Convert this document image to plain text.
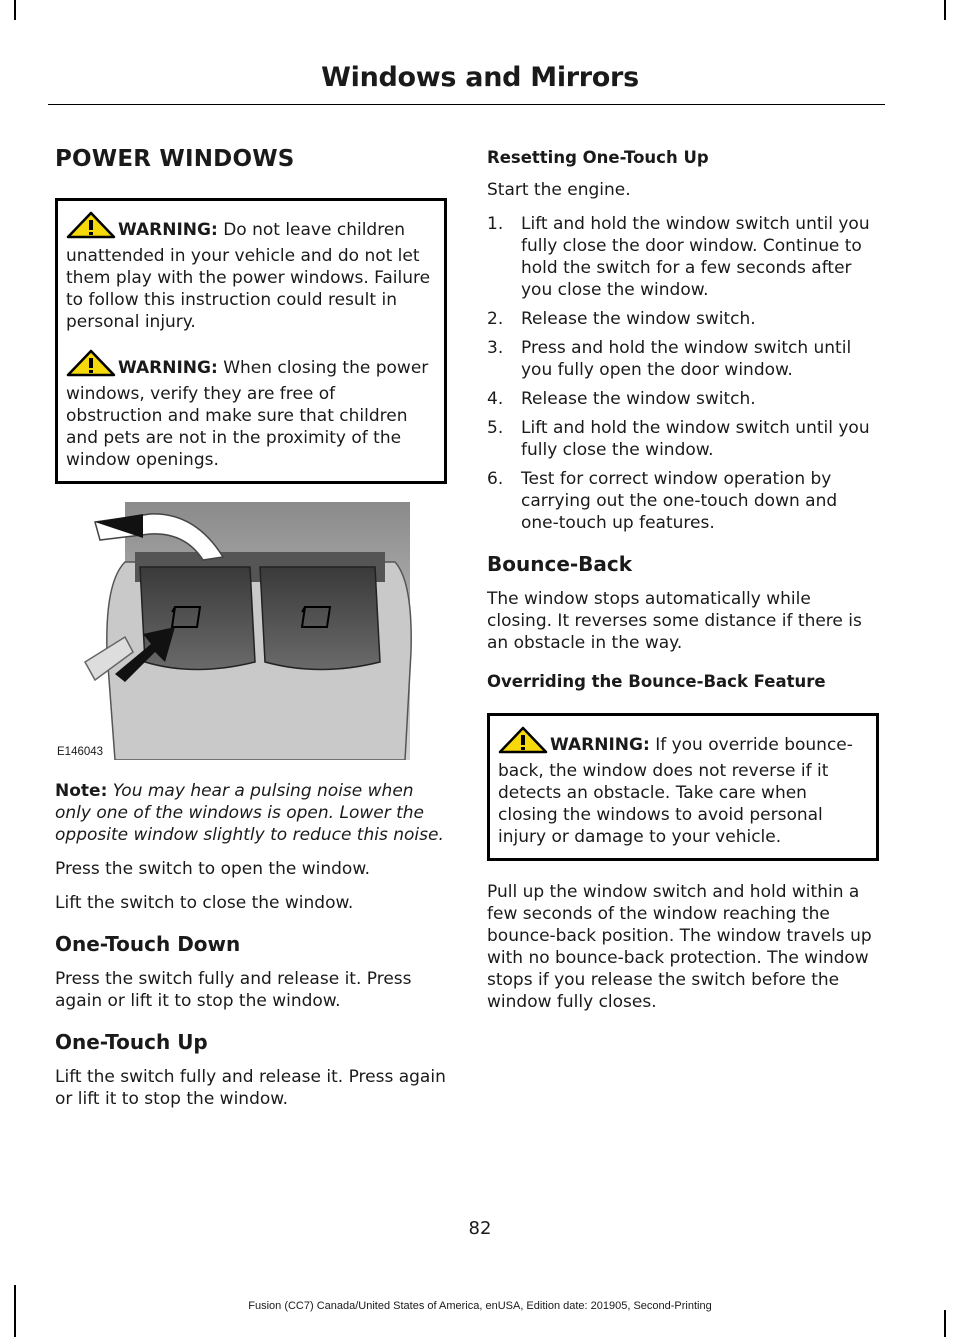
Windows and Mirrors
POWER WINDOWS

WARNING: Do not leave children unattended in your vehicle and do not let them play with the power windows. Failure to follow this instruction could result in personal injury.

WARNING: When closing the power windows, verify they are free of obstruction and make sure that children and pets are not in the proximity of the window openings.

E146043

Note: You may hear a pulsing noise when only one of the windows is open. Lower the opposite window slightly to reduce this noise.

Press the switch to open the window.

Lift the switch to close the window.

One-Touch Down

Press the switch fully and release it. Press again or lift it to stop the window.

One-Touch Up

Lift the switch fully and release it. Press again or lift it to stop the window.

Resetting One-Touch Up

Start the engine.

1. Lift and hold the window switch until you fully close the door window. Continue to hold the switch for a few seconds after you close the window.
2. Release the window switch.
3. Press and hold the window switch until you fully open the door window.
4. Release the window switch.
5. Lift and hold the window switch until you fully close the window.
6. Test for correct window operation by carrying out the one-touch down and one-touch up features.
Bounce-Back

The window stops automatically while closing. It reverses some distance if there is an obstacle in the way.

Overriding the Bounce-Back Feature

WARNING: If you override bounce-back, the window does not reverse if it detects an obstacle. Take care when closing the windows to avoid personal injury or damage to your vehicle.

Pull up the window switch and hold within a few seconds of the window reaching the bounce-back position. The window travels up with no bounce-back protection. The window stops if you release the switch before the window fully closes.

82
Fusion (CC7) Canada/United States of America, enUSA, Edition date: 201905, Second-Printing
